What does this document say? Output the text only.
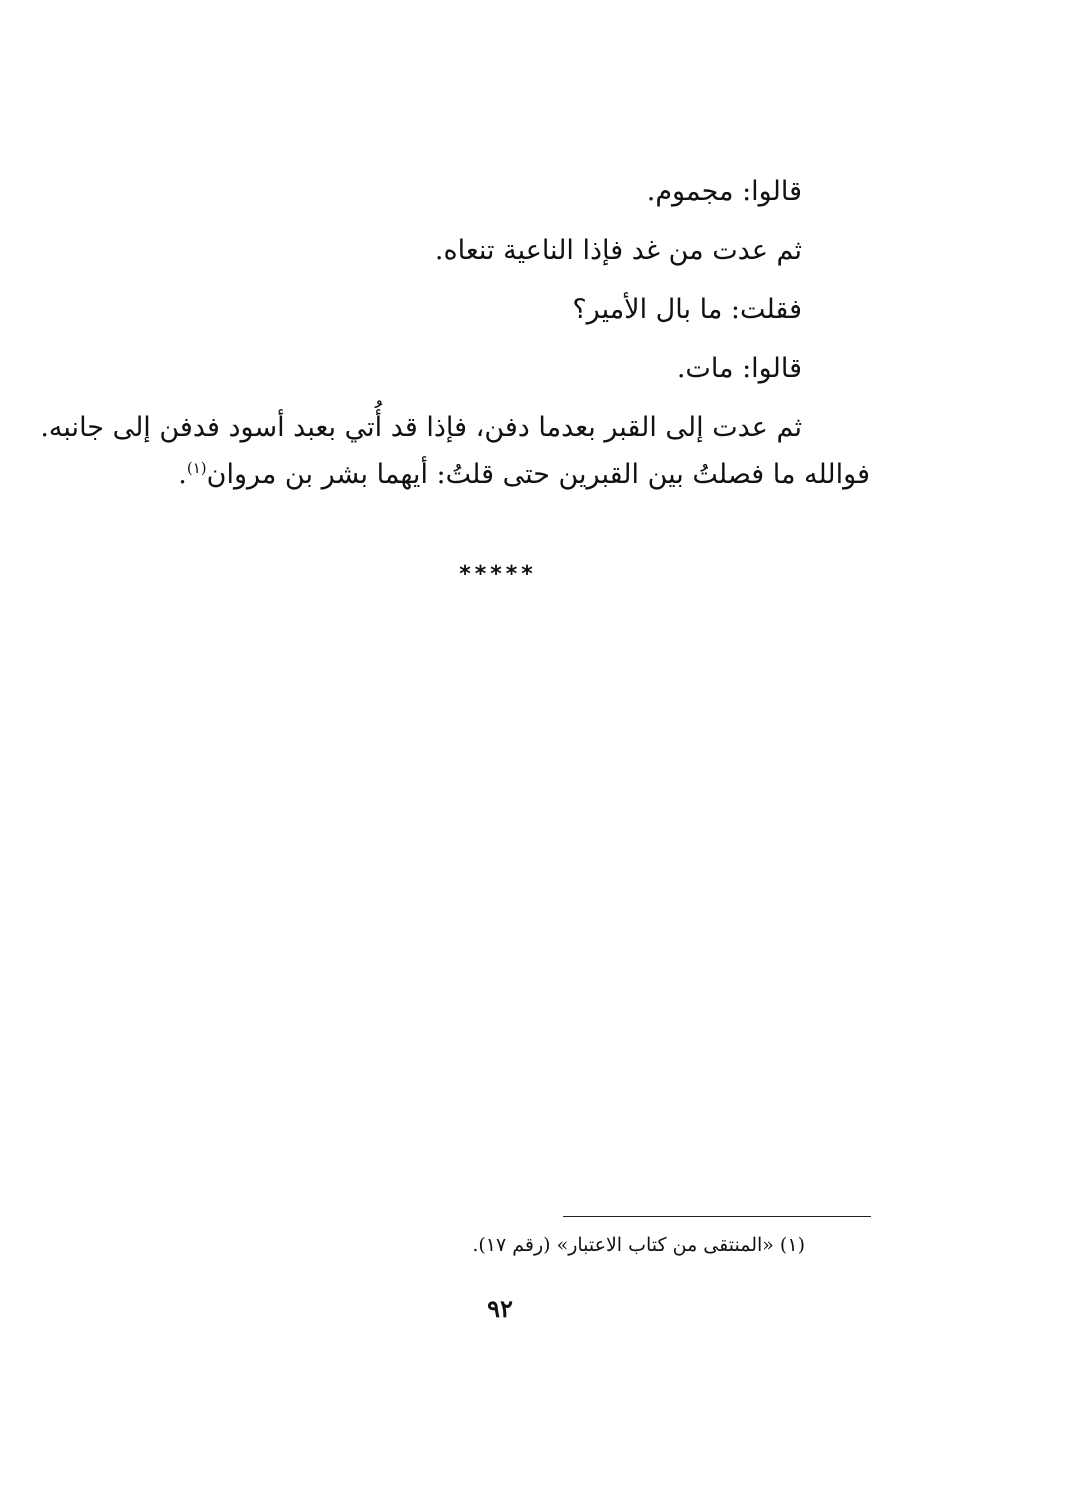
قالوا: مجموم.
ثم عدت من غد فإذا الناعية تنعاه.
فقلت: ما بال الأمير؟
قالوا: مات.
ثم عدت إلى القبر بعدما دفن، فإذا قد أُتي بعبد أسود فدفن إلى جانبه.
فوالله ما فصلتُ بين القبرين حتى قلتُ: أيهما بشر بن مروان$^{(١)}$.
*****
(١) «المنتقى من كتاب الاعتبار» (رقم ١٧).
٩٢
